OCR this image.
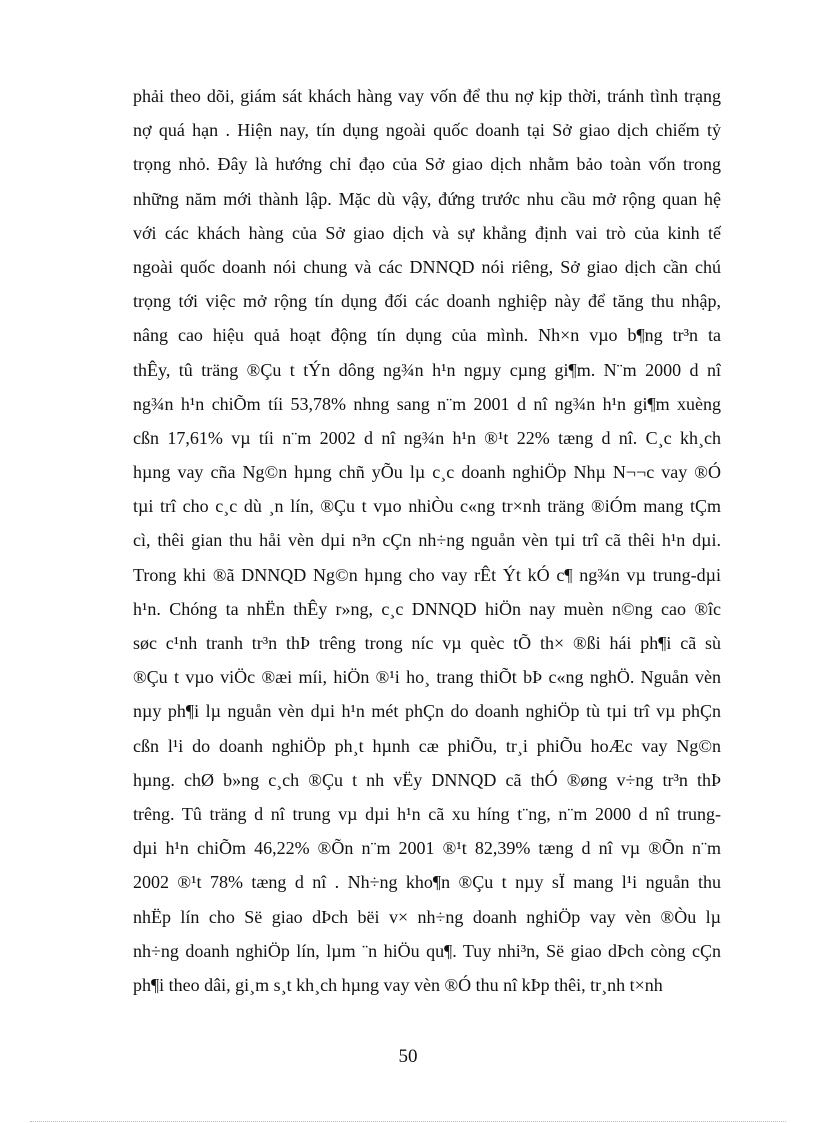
phải theo dõi, giám sát khách hàng vay vốn để thu nợ kịp thời, tránh tình trạng
nợ quá hạn . Hiện nay, tín dụng ngoài quốc doanh tại Sở giao dịch chiếm tỷ
trọng nhỏ. Đây là hướng chỉ đạo của Sở giao dịch nhằm bảo toàn vốn trong
những năm mới thành lập. Mặc dù vậy, đứng trước nhu cầu mở rộng quan hệ
với các khách hàng của Sở giao dịch và sự khẳng định vai trò của kinh tế
ngoài quốc doanh nói chung và các DNNQD nói riêng, Sở giao dịch cần chú
trọng tới việc mở rộng tín dụng đối các doanh nghiệp này để tăng thu nhập,
nâng cao hiệu quả hoạt động tín dụng của mình. Nh×n vµo b¶ng tr³n ta
thÊy, tû träng ®Çu t tÝn dông ng¾n h¹n ngµy cµng gi¶m. N¨m 2000 d nî
ng¾n h¹n chiÕm tíi 53,78% nhng sang n¨m 2001 d nî ng¾n h¹n gi¶m xuèng
cßn 17,61% vµ tíi n¨m 2002 d nî ng¾n h¹n ®¹t 22% tæng d nî. C¸c kh¸ch
hµng vay cña Ng©n hµng chñ yÕu lµ c¸c doanh nghiÖp Nhµ N¬¬c vay ®Ó
tµi trî cho c¸c dù ¸n lín, ®Çu t vµo nhiÒu c«ng tr×nh träng ®iÓm mang tÇm
cì, thêi gian thu håi vèn dµi n³n cÇn nh÷ng nguån vèn tµi trî cã thêi h¹n dµi.
Trong khi ®ã DNNQD Ng©n hµng cho vay rÊt Ýt kÓ c¶ ng¾n vµ trung-dµi
h¹n. Chóng ta nhËn thÊy r»ng, c¸c DNNQD hiÖn nay muèn n©ng cao ®îc
søc c¹nh tranh tr³n thÞ trêng trong níc vµ quèc tÕ th× ®ßi hái ph¶i cã sù
®Çu t vµo viÖc ®æi míi, hiÖn ®¹i ho¸ trang thiÕt bÞ c«ng nghÖ. Nguån vèn
nµy ph¶i lµ nguån vèn dµi h¹n mét phÇn do doanh nghiÖp tù tµi trî vµ phÇn
cßn l¹i do doanh nghiÖp ph¸t hµnh cæ phiÕu, tr¸i phiÕu hoÆc vay Ng©n
hµng. chØ b»ng c¸ch ®Çu t nh vËy DNNQD cã thÓ ®øng v÷ng tr³n thÞ
trêng. Tû träng d nî trung vµ dµi h¹n cã xu híng t¨ng, n¨m 2000 d nî trung-
dµi h¹n chiÕm 46,22% ®Õn n¨m 2001 ®¹t 82,39% tæng d nî vµ ®Õn n¨m
2002 ®¹t 78% tæng d nî . Nh÷ng kho¶n ®Çu t nµy sÏ mang l¹i nguån thu
nhËp lín cho Së giao dÞch bëi v× nh÷ng doanh nghiÖp vay vèn ®Òu lµ
nh÷ng doanh nghiÖp lín, lµm ¨n hiÖu qu¶. Tuy nhi³n, Së giao dÞch còng cÇn
ph¶i theo dâi, gi¸m s¸t kh¸ch hµng vay vèn ®Ó thu nî kÞp thêi, tr¸nh t×nh
50
